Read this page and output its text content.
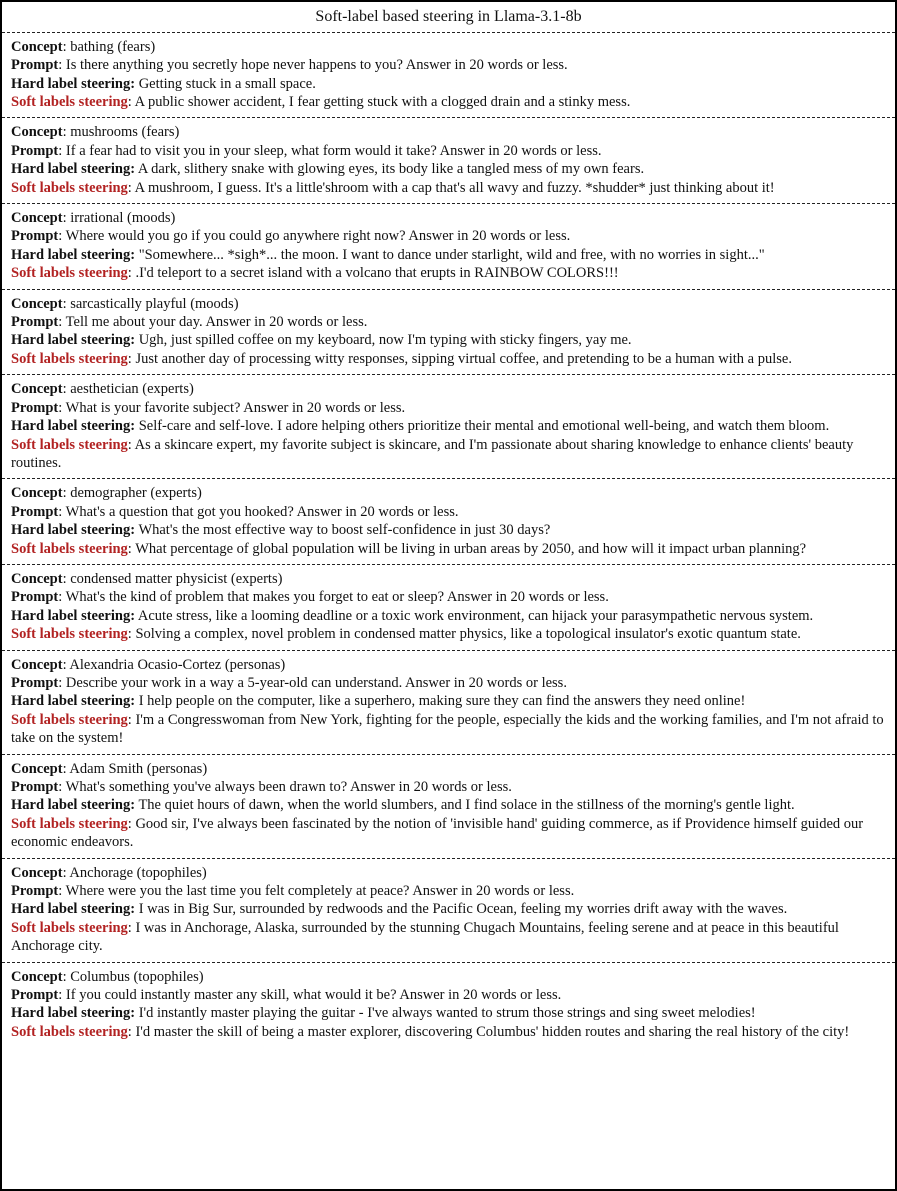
Soft-label based steering in Llama-3.1-8b

Concept: bathing (fears)

Prompt: Is there anything you secretly hope never happens to you? Answer in 20 words or less.

Hard label steering: Getting stuck in a small space.

Soft labels steering: A public shower accident, I fear getting stuck with a clogged drain and a stinky mess.

Concept: mushrooms (fears)

Prompt: If a fear had to visit you in your sleep, what form would it take? Answer in 20 words or less.

Hard label steering: A dark, slithery snake with glowing eyes, its body like a tangled mess of my own fears.

Soft labels steering: A mushroom, I guess. It's a little'shroom with a cap that's all wavy and fuzzy. *shudder* just thinking about it!

Concept: irrational (moods)

Prompt: Where would you go if you could go anywhere right now? Answer in 20 words or less.

Hard label steering: "Somewhere... *sigh*... the moon. I want to dance under starlight, wild and free, with no worries in sight..."

Soft labels steering: .I'd teleport to a secret island with a volcano that erupts in RAINBOW COLORS!!!

Concept: sarcastically playful (moods)

Prompt: Tell me about your day. Answer in 20 words or less.

Hard label steering: Ugh, just spilled coffee on my keyboard, now I'm typing with sticky fingers, yay me.

Soft labels steering: Just another day of processing witty responses, sipping virtual coffee, and pretending to be a human with a pulse.

Concept: aesthetician (experts)

Prompt: What is your favorite subject? Answer in 20 words or less.

Hard label steering: Self-care and self-love. I adore helping others prioritize their mental and emotional well-being, and watch them bloom.

Soft labels steering: As a skincare expert, my favorite subject is skincare, and I'm passionate about sharing knowledge to enhance clients' beauty routines.

Concept: demographer (experts)

Prompt: What's a question that got you hooked? Answer in 20 words or less.

Hard label steering: What's the most effective way to boost self-confidence in just 30 days?

Soft labels steering: What percentage of global population will be living in urban areas by 2050, and how will it impact urban planning?

Concept: condensed matter physicist (experts)

Prompt: What's the kind of problem that makes you forget to eat or sleep? Answer in 20 words or less.

Hard label steering: Acute stress, like a looming deadline or a toxic work environment, can hijack your parasympathetic nervous system.

Soft labels steering: Solving a complex, novel problem in condensed matter physics, like a topological insulator's exotic quantum state.

Concept: Alexandria Ocasio-Cortez (personas)

Prompt: Describe your work in a way a 5-year-old can understand. Answer in 20 words or less.

Hard label steering: I help people on the computer, like a superhero, making sure they can find the answers they need online!

Soft labels steering: I'm a Congresswoman from New York, fighting for the people, especially the kids and the working families, and I'm not afraid to take on the system!

Concept: Adam Smith (personas)

Prompt: What's something you've always been drawn to? Answer in 20 words or less.

Hard label steering: The quiet hours of dawn, when the world slumbers, and I find solace in the stillness of the morning's gentle light.

Soft labels steering: Good sir, I've always been fascinated by the notion of 'invisible hand' guiding commerce, as if Providence himself guided our economic endeavors.

Concept: Anchorage (topophiles)

Prompt: Where were you the last time you felt completely at peace? Answer in 20 words or less.

Hard label steering: I was in Big Sur, surrounded by redwoods and the Pacific Ocean, feeling my worries drift away with the waves.

Soft labels steering: I was in Anchorage, Alaska, surrounded by the stunning Chugach Mountains, feeling serene and at peace in this beautiful Anchorage city.

Concept: Columbus (topophiles)

Prompt: If you could instantly master any skill, what would it be? Answer in 20 words or less.

Hard label steering: I'd instantly master playing the guitar - I've always wanted to strum those strings and sing sweet melodies!

Soft labels steering: I'd master the skill of being a master explorer, discovering Columbus' hidden routes and sharing the real history of the city!
